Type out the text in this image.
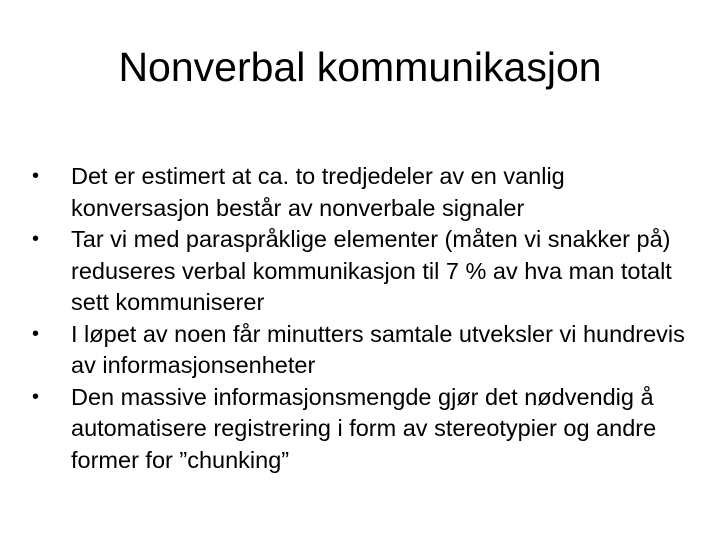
Nonverbal kommunikasjon
•	Det er estimert at ca. to tredjedeler av en vanlig konversasjon består av nonverbale signaler
•	Tar vi med paraspråklige elementer (måten vi snakker på) reduseres verbal kommunikasjon til 7 % av hva man totalt sett kommuniserer
•	I løpet av noen får minutters samtale utveksler vi hundrevis av informasjonsenheter
•	Den massive informasjonsmengde gjør det nødvendig å automatisere registrering i form av stereotypier og andre former for ”chunking”
